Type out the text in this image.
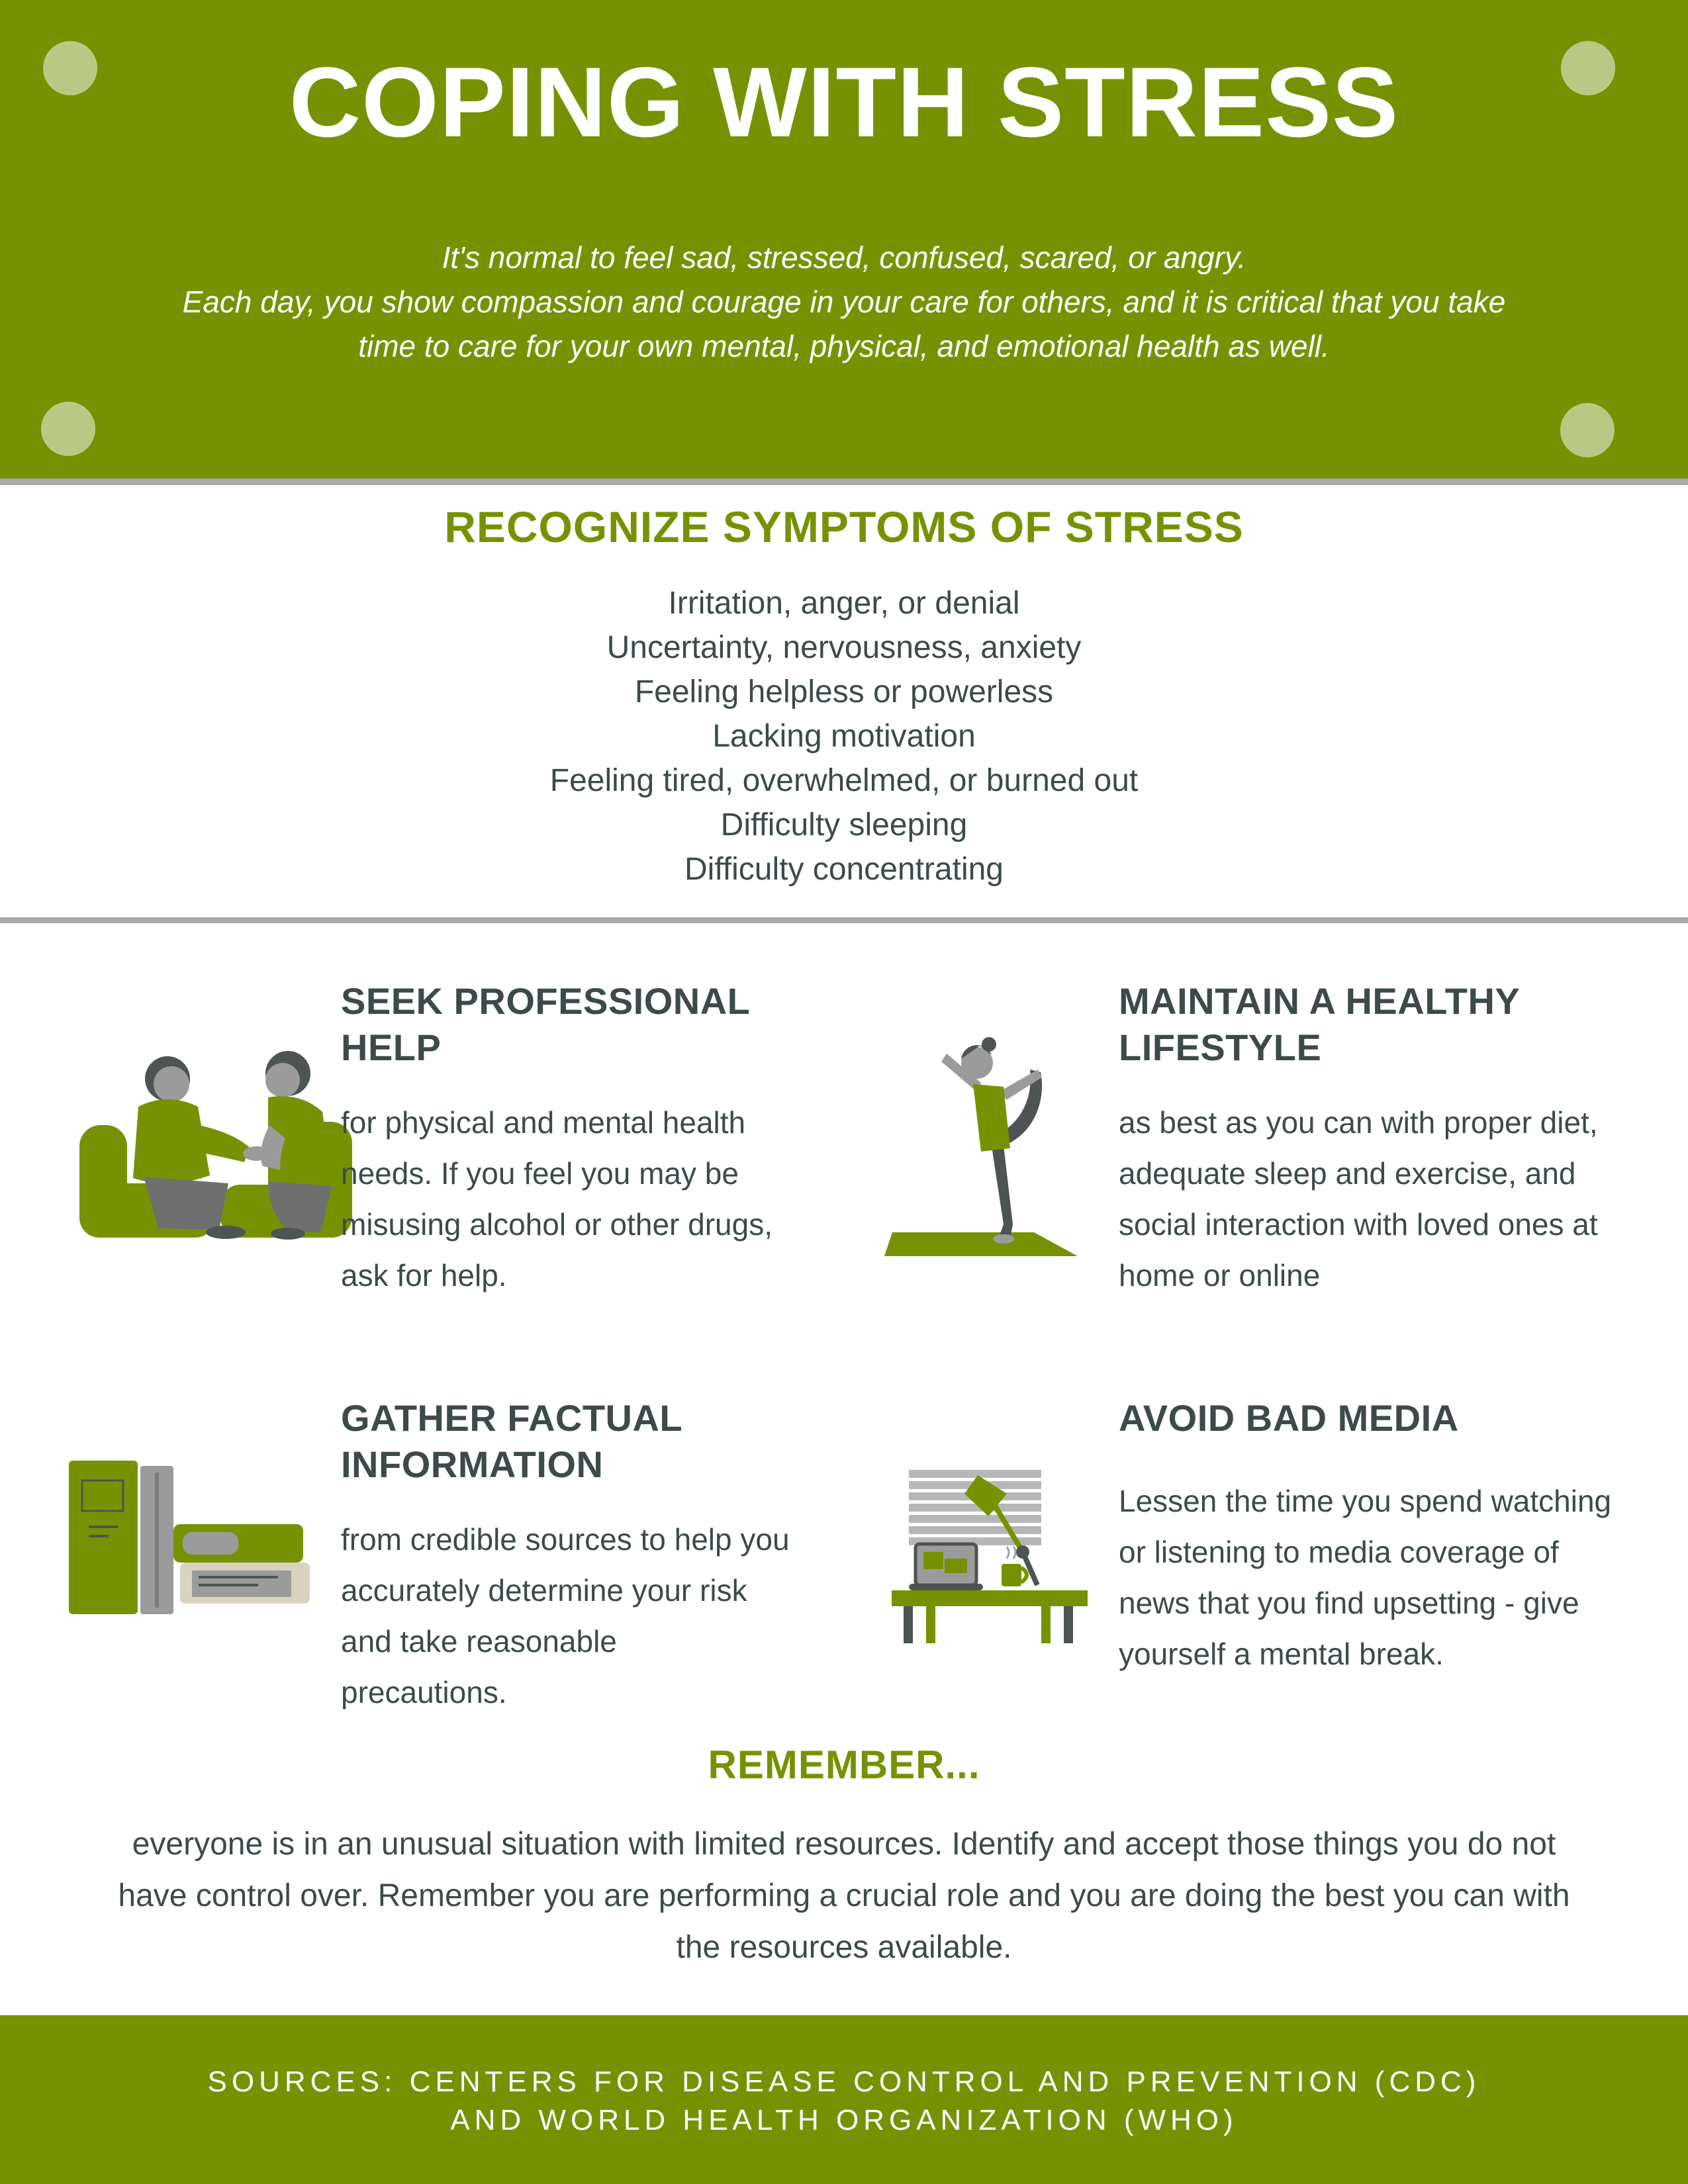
COPING WITH STRESS
It's normal to feel sad, stressed, confused, scared, or angry.
Each day, you show compassion and courage in your care for others, and it is critical that you take
time to care for your own mental, physical, and emotional health as well.
RECOGNIZE SYMPTOMS OF STRESS
Irritation, anger, or denial
Uncertainty, nervousness, anxiety
Feeling helpless or powerless
Lacking motivation
Feeling tired, overwhelmed, or burned out
Difficulty sleeping
Difficulty concentrating
SEEK PROFESSIONAL HELP

for physical and mental health needs. If you feel you may be misusing alcohol or other drugs, ask for help.

MAINTAIN A HEALTHY LIFESTYLE

as best as you can with proper diet, adequate sleep and exercise, and social interaction with loved ones at home or online

GATHER FACTUAL INFORMATION

from credible sources to help you accurately determine your risk and take reasonable precautions.

AVOID BAD MEDIA

Lessen the time you spend watching or listening to media coverage of news that you find upsetting - give yourself a mental break.

REMEMBER...
everyone is in an unusual situation with limited resources. Identify and accept those things you do not
have control over. Remember you are performing a crucial role and you are doing the best you can with
the resources available.
SOURCES: CENTERS FOR DISEASE CONTROL AND PREVENTION (CDC)
AND WORLD HEALTH ORGANIZATION (WHO)
